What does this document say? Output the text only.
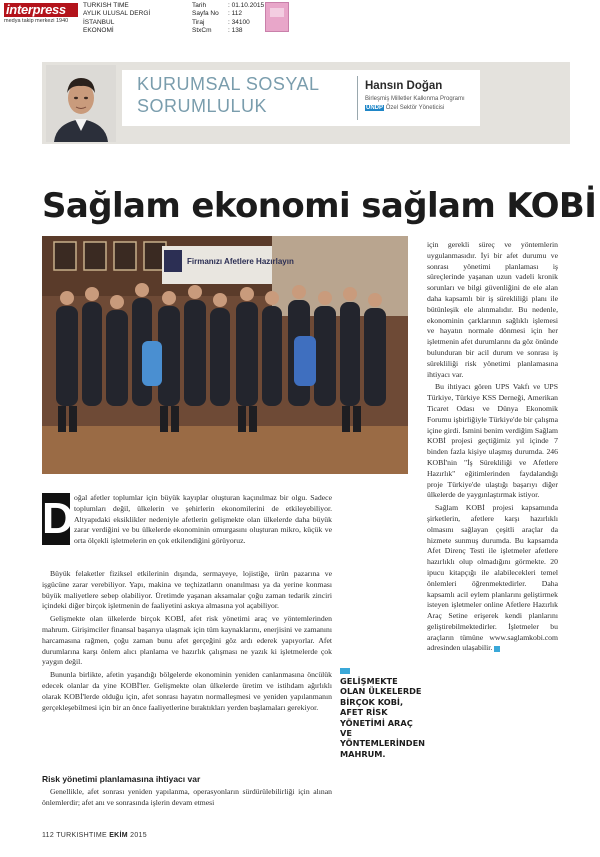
interpress
medya takip merkezi 1940
TURKISH TIME
AYLIK ULUSAL DERGİ
İSTANBUL
EKONOMİ
Tarih	: 01.10.2015
Sayfa No : 112
Tiraj	: 34100
StxCm	: 138
KURUMSAL SOSYAL
SORUMLULUK
Hansın Doğan
Birleşmiş Milletler Kalkınma Programı
UNDP Özel Sektör Yöneticisi
Sağlam ekonomi sağlam KOBİ
Firmanızı Afetlere Hazırlayın
D oğal afetler toplumlar için büyük kayıplar oluşturan kaçınılmaz bir olgu. Sadece toplumları değil, ülkelerin ve şehirlerin ekonomilerini de etkileyebiliyor. Altyapıdaki eksiklikler nedeniyle afetlerin gelişmekte olan ülkelerde daha büyük zarar verdiğini ve bu ülkelerde ekonominin omurgasını oluşturan mikro, küçük ve orta ölçekli işletmelerin en çok etkilendiğini görüyoruz.

Büyük felaketler fiziksel etkilerinin dışında, sermayeye, lojistiğe, ürün pazarına ve işgücüne zarar verebiliyor. Yapı, makina ve teçhizatların onanılması ya da yerine konması büyük maliyetlere sebep olabiliyor. Üretimde yaşanan aksamalar çoğu zaman tedarik zinciri içindeki diğer birçok işletmenin de faaliyetini askıya almasına yol açabiliyor.

Gelişmekte olan ülkelerde birçok KOBİ, afet risk yönetimi araç ve yöntemlerinden mahrum. Girişimciler finansal başarıya ulaşmak için tüm kaynaklarını, enerjisini ve zamanını harcamasına rağmen, çoğu zaman bunu afet gerçeğini göz ardı ederek yapıyorlar. Afet durumlarına karşı önlem alıcı planlama ve hazırlık çalışması ne yazık ki işletmelerde çok yaygın değil.

Bununla birlikte, afetin yaşandığı bölgelerde ekonominin yeniden canlanmasına öncülük edecek olanlar da yine KOBİ'ler. Gelişmekte olan ülkelerde üretim ve istihdam ağırlıklı olarak KOBİ'lerde olduğu için, afet sonrası hayatın normalleşmesi ve yeniden yapılanmanın gerçekleşebilmesi için bir an önce faaliyetlerine bıraktıkları yerden başlamaları gerekiyor.

Risk yönetimi planlamasına ihtiyacı var

Genellikle, afet sonrası yeniden yapılanma, operasyonların sürdürülebilirliği için alınan önlemlerdir; afet anı ve sonrasında işlerin devam etmesi

GELİŞMEKTE OLAN ÜLKELERDE BİRÇOK KOBİ, AFET RİSK YÖNETİMİ ARAÇ VE YÖNTEMLERİNDEN MAHRUM.

için gerekli süreç ve yöntemlerin uygulanmasıdır. İyi bir afet durumu ve sonrası yönetimi planlaması iş süreçlerinde yaşanan uzun vadeli kronik sorunları ve bilgi güvenliğini de ele alan daha kapsamlı bir iş sürekliliği planı ile bütünleşik ele alınmalıdır. Bu nedenle, ekonominin çarklarının sağlıklı işlemesi ve hayatın normale dönmesi için her işletmenin afet durumlarını da göz önünde bulunduran bir acil durum ve sonrası iş sürekliliği risk yönetimi planlamasına ihtiyacı var.

Bu ihtiyacı gören UPS Vakfı ve UPS Türkiye, Türkiye KSS Derneği, Amerikan Ticaret Odası ve Dünya Ekonomik Forumu işbirliğiyle Türkiye'de bir çalışma içine girdi. İsmini benim verdiğim Sağlam KOBİ projesi geçtiğimiz yıl içinde 7 binden fazla kişiye ulaşmış durumda. 246 KOBİ'nin "İş Sürekliliği ve Afetlere Hazırlık" eğitimlerinden faydalandığı proje Türkiye'de ulaştığı başarıyı diğer ülkelerde de yaygınlaştırmak istiyor.

Sağlam KOBİ projesi kapsamında şirketlerin, afetlere karşı hazırlıklı olmasını sağlayan çeşitli araçlar da hizmete sunmuş durumda. Bu kapsamda Afet Direnç Testi ile işletmeler afetlere hazırlıklı olup olmadığını görmekte. 20 ipucu kitapçığı ile alabilecekleri temel önlemleri öğrenmektedirler. Daha kapsamlı acil eylem planlarını geliştirmek isteyen işletmeler online Afetlere Hazırlık Araç Setine erişerek kendi planlarını geliştirebilmektedirler. İşletmeler bu araçların tümüne www.saglamkobi.com adresinden ulaşabilir.

112 TURKISHTIME EKİM 2015
